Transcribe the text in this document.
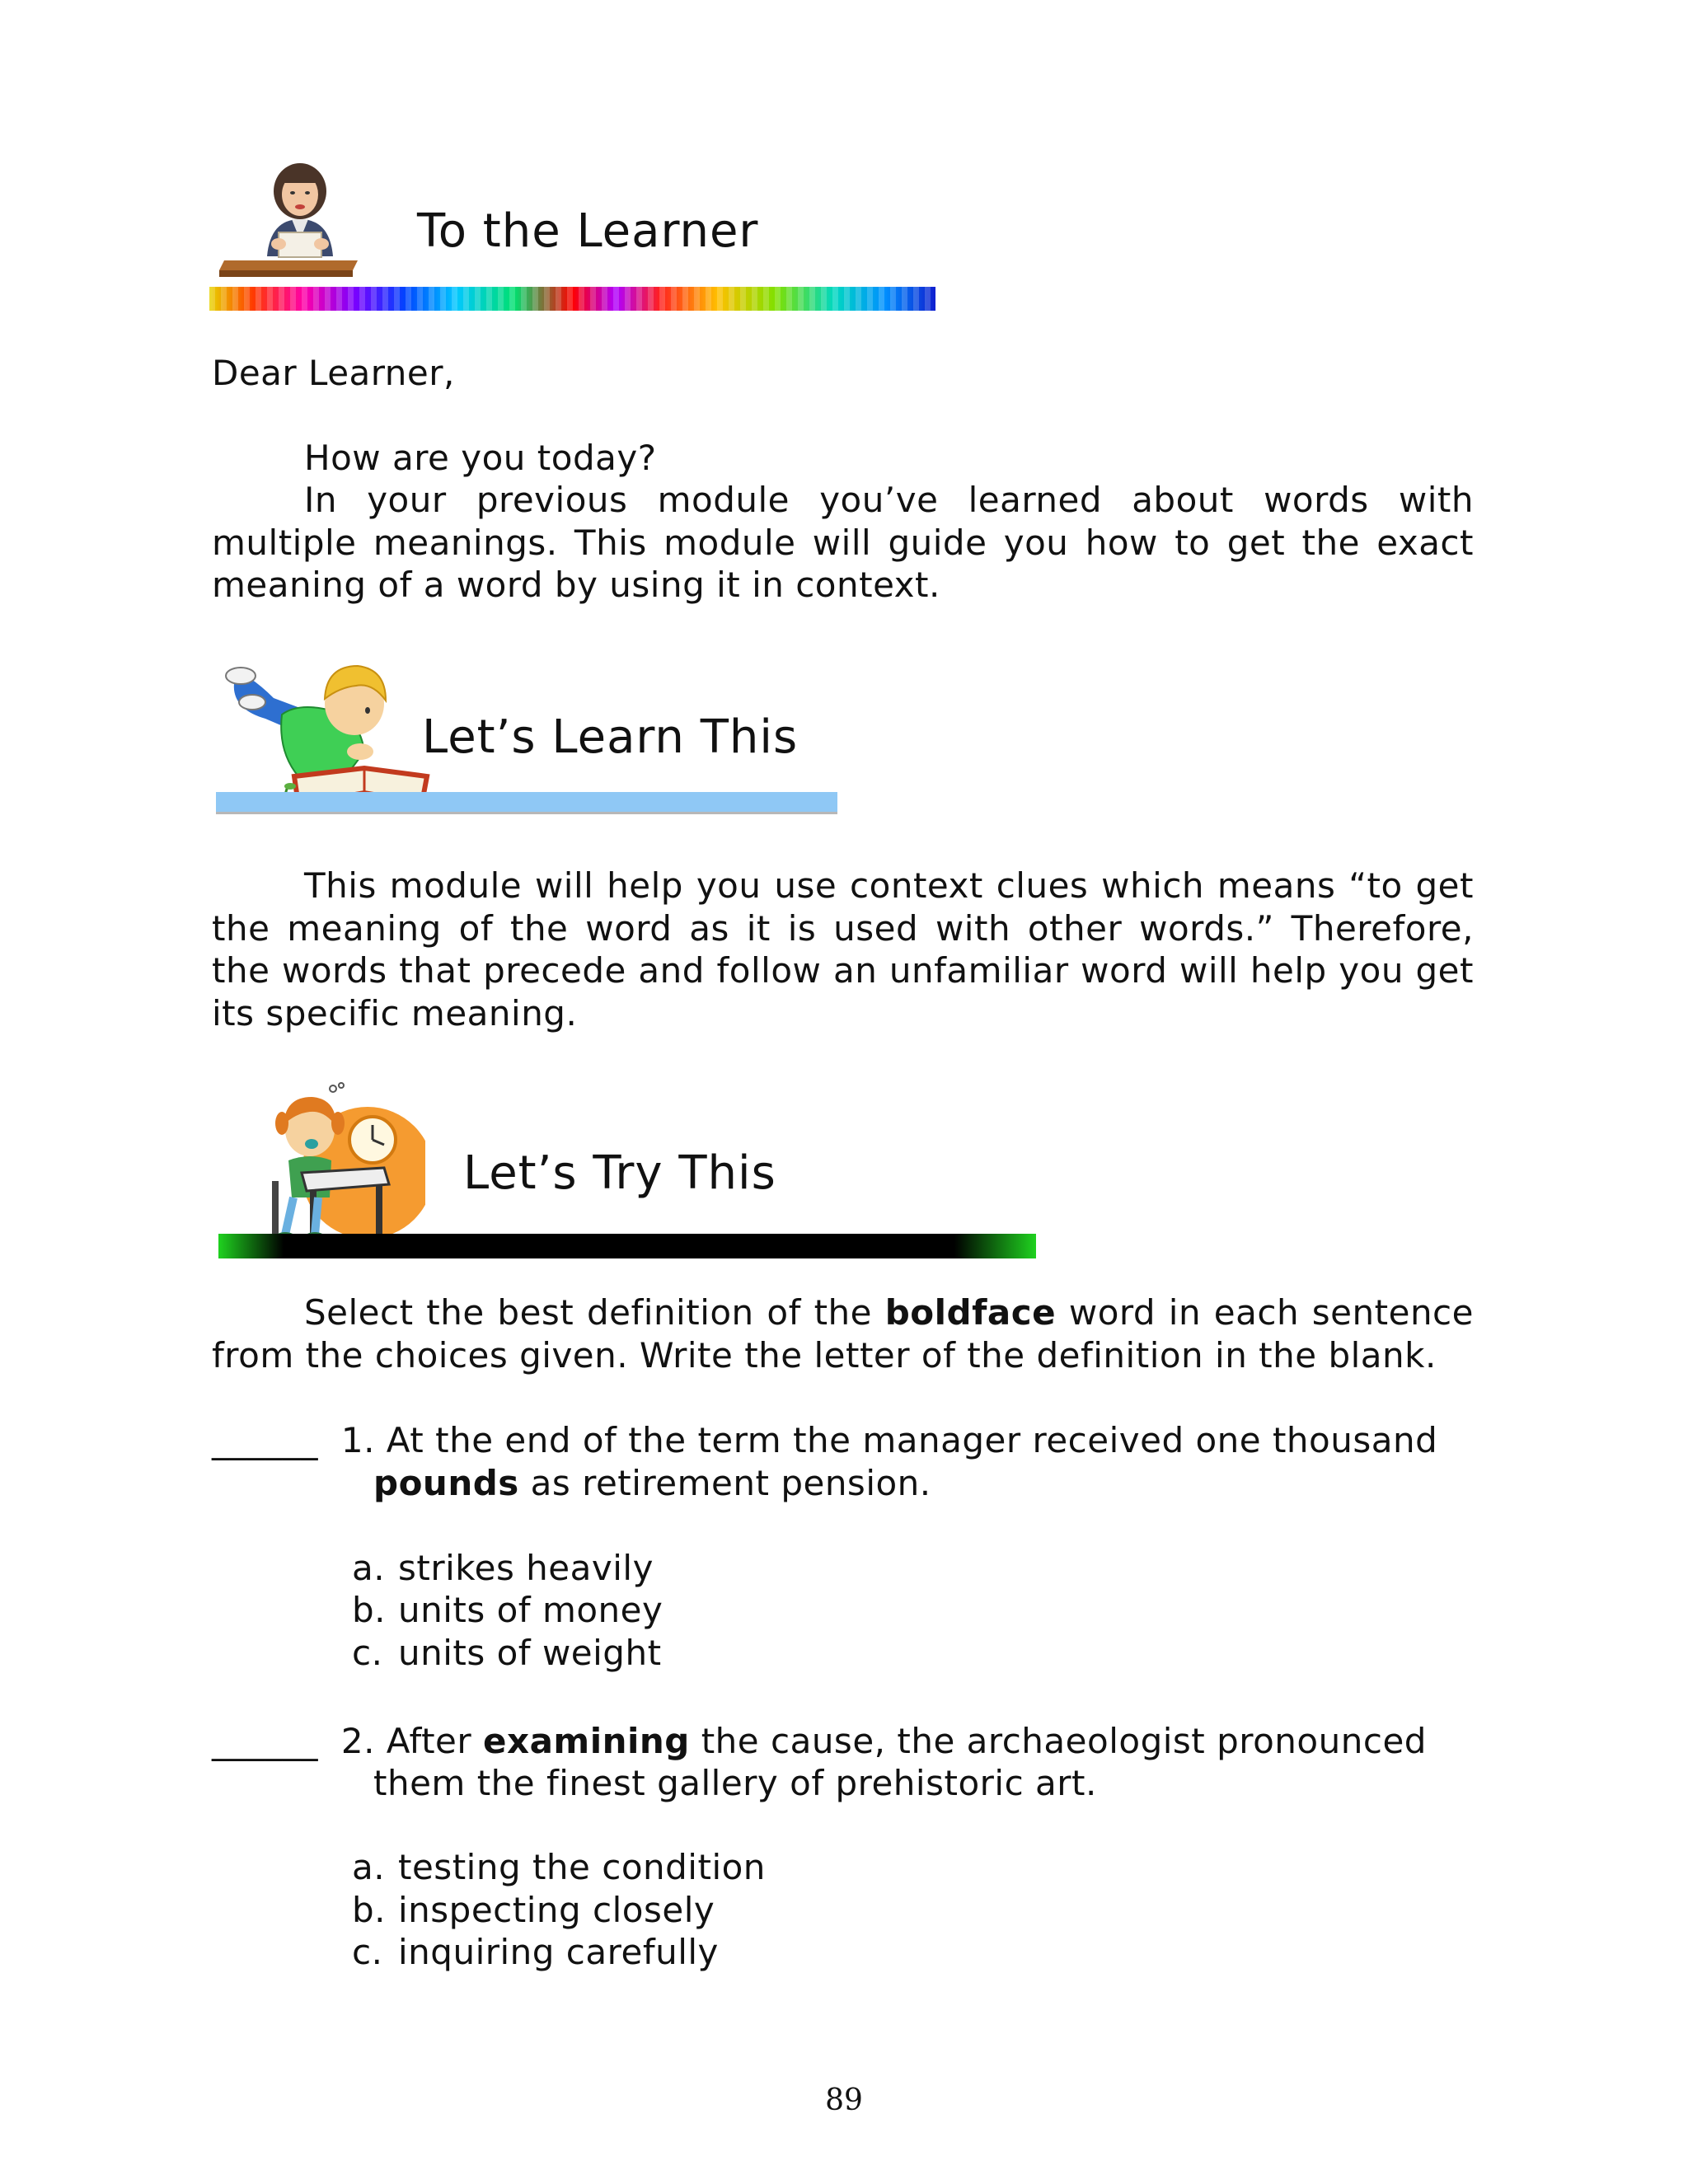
To the Learner
Dear Learner,
How are you today?
In your previous module you’ve learned about words with multiple meanings. This module will guide you how to get the exact meaning of a word by using it in context.
Let’s Learn This
This module will help you use context clues which means “to get the meaning of the word as it is used with other words.” Therefore, the words that precede and follow an unfamiliar word will help you get its specific meaning.
Let’s Try This
Select the best definition of the boldface word in each sentence from the choices given. Write the letter of the definition in the blank.
______ 1. At the end of the term the manager received one thousand
pounds as retirement pension.
a. strikes heavily
b. units of money
c. units of weight
______ 2. After examining the cause, the archaeologist pronounced
them the finest gallery of prehistoric art.
a. testing the condition
b. inspecting closely
c. inquiring carefully
89
